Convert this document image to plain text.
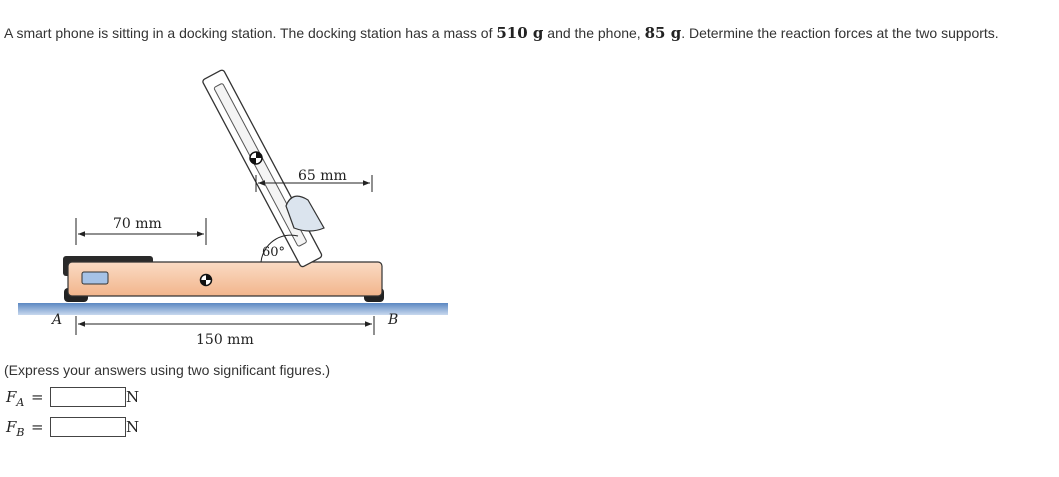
A smart phone is sitting in a docking station. The docking station has a mass of 510 g and the phone, 85 g. Determine the reaction forces at the two supports.
60°
65 mm
70 mm
150 mm
A	B
(Express your answers using two significant figures.)
$F_A$ =	N
$F_B$ =	N
